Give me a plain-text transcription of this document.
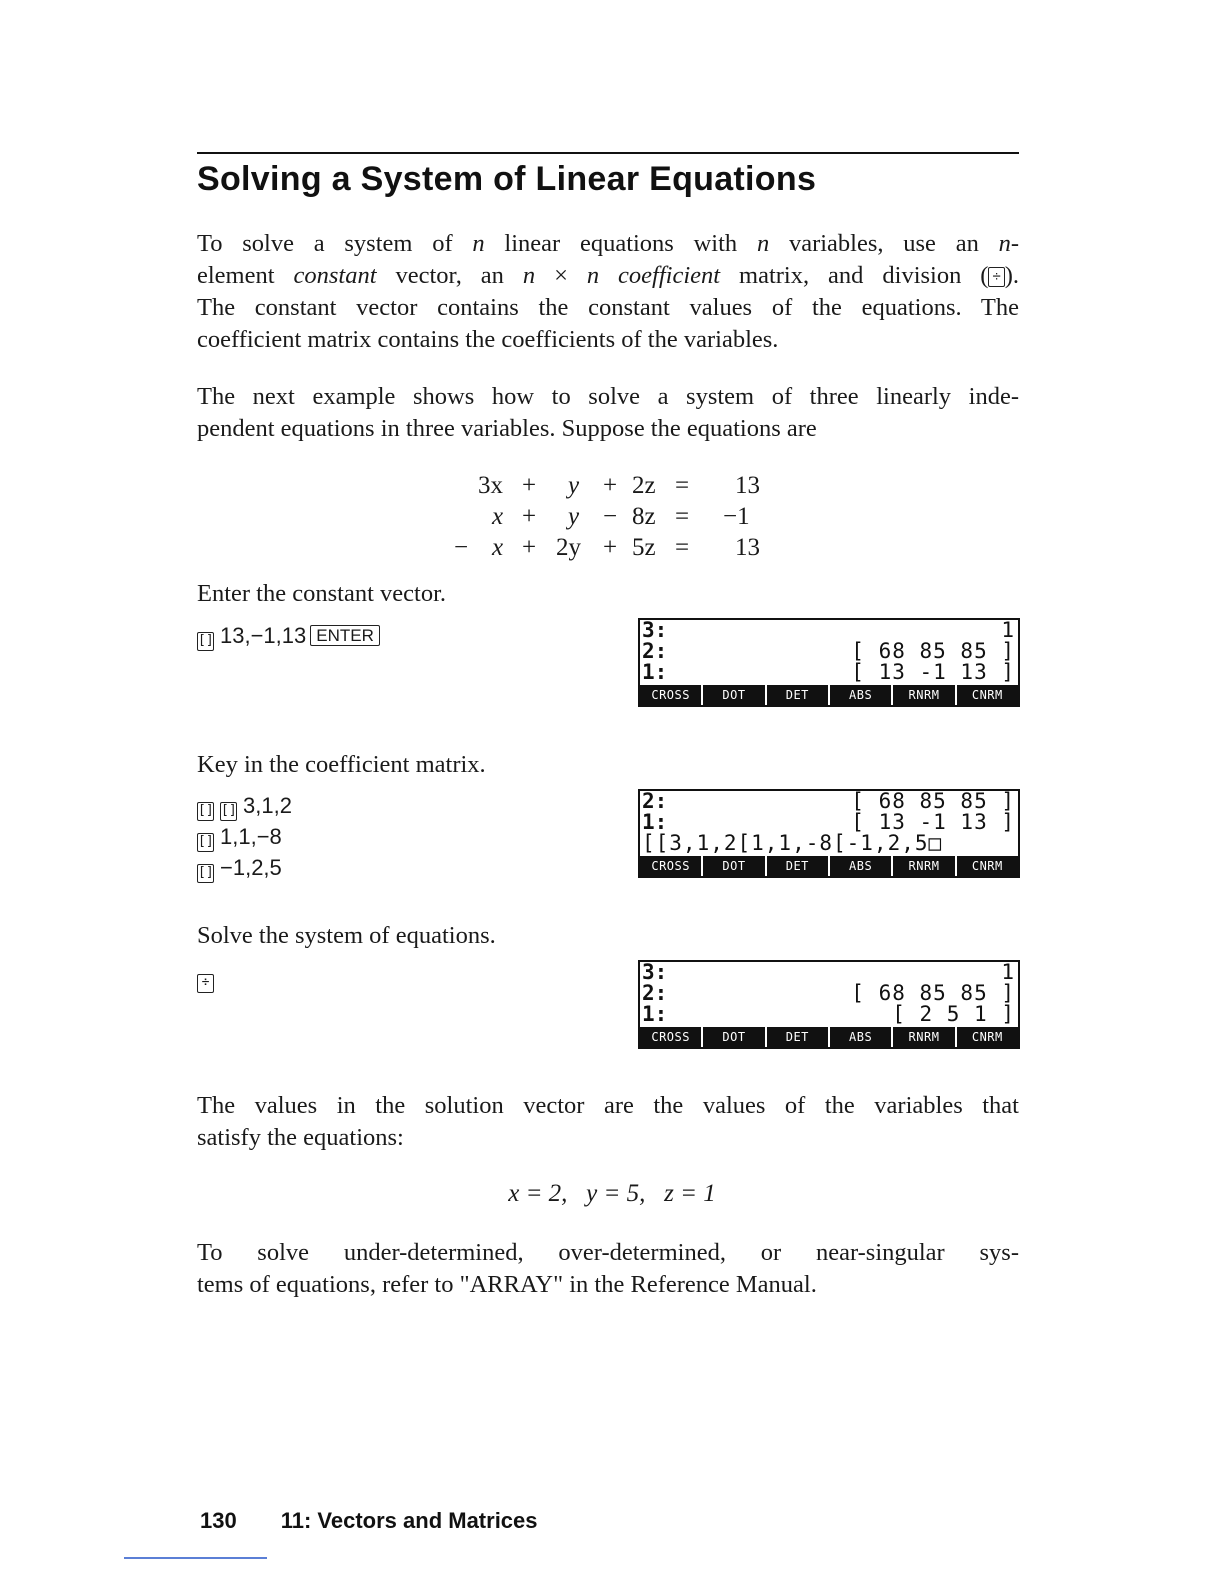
Solving a System of Linear Equations

To solve a system of n linear equations with n variables, use an n-

element constant vector, an n × n coefficient matrix, and division ( ÷ ).

The constant vector contains the constant values of the equations. The

coefficient matrix contains the coefficients of the variables.

The next example shows how to solve a system of three linearly inde-

pendent equations in three variables. Suppose the equations are

3x + y + 2z = 13
x + y − 8z = −1
− x + 2y + 5z = 13
Enter the constant vector.
[] 13,−1,13 ENTER	3:	1
2:	[ 68 85 85 ]
1:	[ 13 -1 13 ]
CROSS	DOT	DET	ABS	RNRM	CNRM
Key in the coefficient matrix.
[] [] 3,1,2
[] 1,1,−8
[] −1,2,5
2:	[ 68 85 85 ]
1:	[ 13 -1 13 ]
[[3,1,2[1,1,-8[-1,2,5□
CROSS	DOT	DET	ABS	RNRM	CNRM
Solve the system of equations.
÷	3:	1
2:	[ 68 85 85 ]
1:	[ 2 5 1 ]
CROSS	DOT	DET	ABS	RNRM	CNRM

The values in the solution vector are the values of the variables that

satisfy the equations:

x = 2,   y = 5,   z = 1

To solve under-determined, over-determined, or near-singular sys-

tems of equations, refer to "ARRAY" in the Reference Manual.

130 11: Vectors and Matrices
